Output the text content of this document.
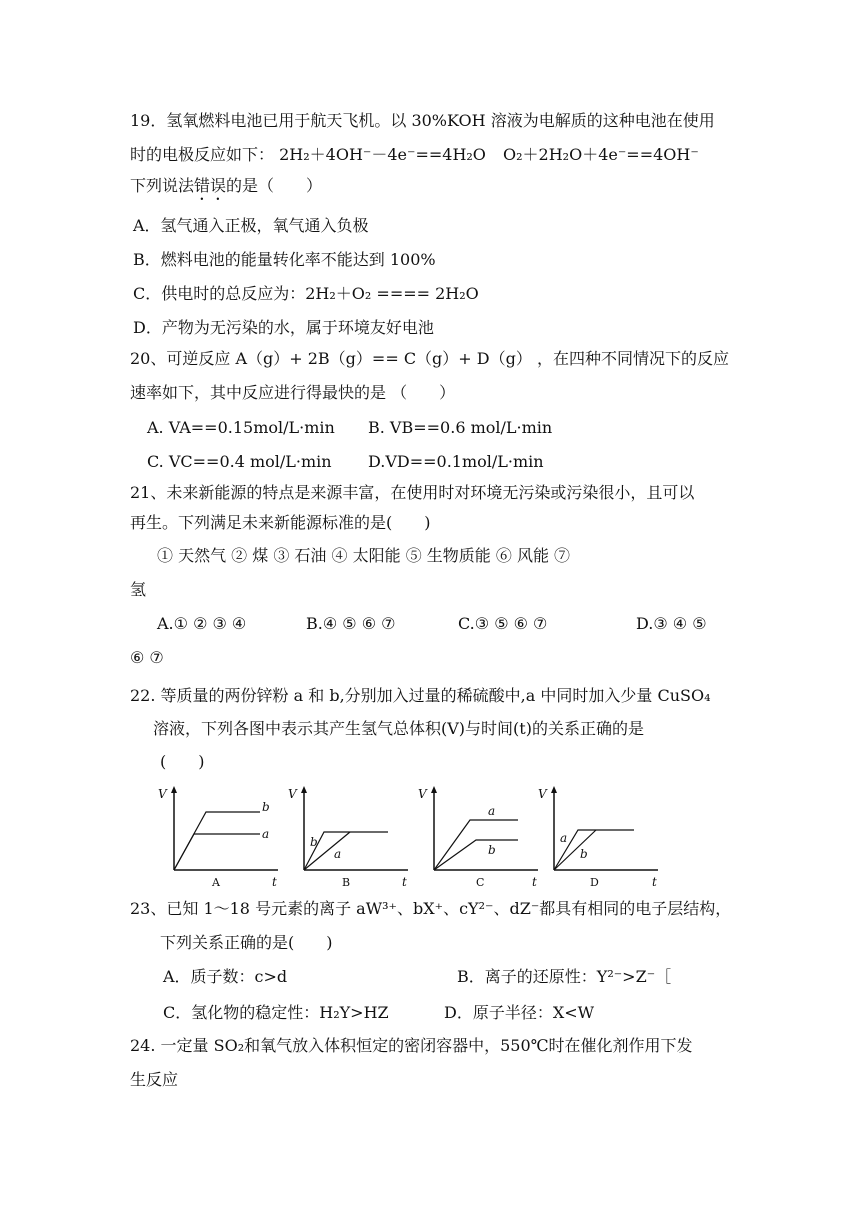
19．氢氧燃料电池已用于航天飞机。以 30%KOH 溶液为电解质的这种电池在使用
时的电极反应如下： 2H₂＋4OH⁻－4e⁻==4H₂O O₂＋2H₂O＋4e⁻==4OH⁻
下列说法错误的是（　　）
A．氢气通入正极，氧气通入负极
B．燃料电池的能量转化率不能达到 100%
C．供电时的总反应为：2H₂＋O₂ ==== 2H₂O
D．产物为无污染的水，属于环境友好电池
20、可逆反应 A（g）+ 2B（g）== C（g）+ D（g） ，在四种不同情况下的反应
速率如下，其中反应进行得最快的是 （　　）
A. VA==0.15mol/L·min B. VB==0.6 mol/L·min
C. VC==0.4 mol/L·min D.VD==0.1mol/L·min
21、未来新能源的特点是来源丰富，在使用时对环境无污染或污染很小，且可以
再生。下列满足未来新能源标准的是(　　)
① 天然气 ② 煤 ③ 石油 ④ 太阳能 ⑤ 生物质能 ⑥ 风能 ⑦
氢
A.① ② ③ ④	B.④ ⑤ ⑥ ⑦	C.③ ⑤ ⑥ ⑦	D.③ ④ ⑤
⑥ ⑦
22. 等质量的两份锌粉 a 和 b,分别加入过量的稀硫酸中,a 中同时加入少量 CuSO₄
溶液，下列各图中表示其产生氢气总体积(V)与时间(t)的关系正确的是
(　　)
V
t
b
a
A
V
t
b
a
B
V
t
a
b
C
V
t
a
b
D
23、已知 1～18 号元素的离子 aW³⁺、bX⁺、cY²⁻、dZ⁻都具有相同的电子层结构，
下列关系正确的是(　　)
A．质子数：c>d	B．离子的还原性：Y²⁻>Z⁻［
C．氢化物的稳定性：H₂Y>HZ	D．原子半径：X<W
24. 一定量 SO₂和氧气放入体积恒定的密闭容器中，550℃时在催化剂作用下发
生反应
